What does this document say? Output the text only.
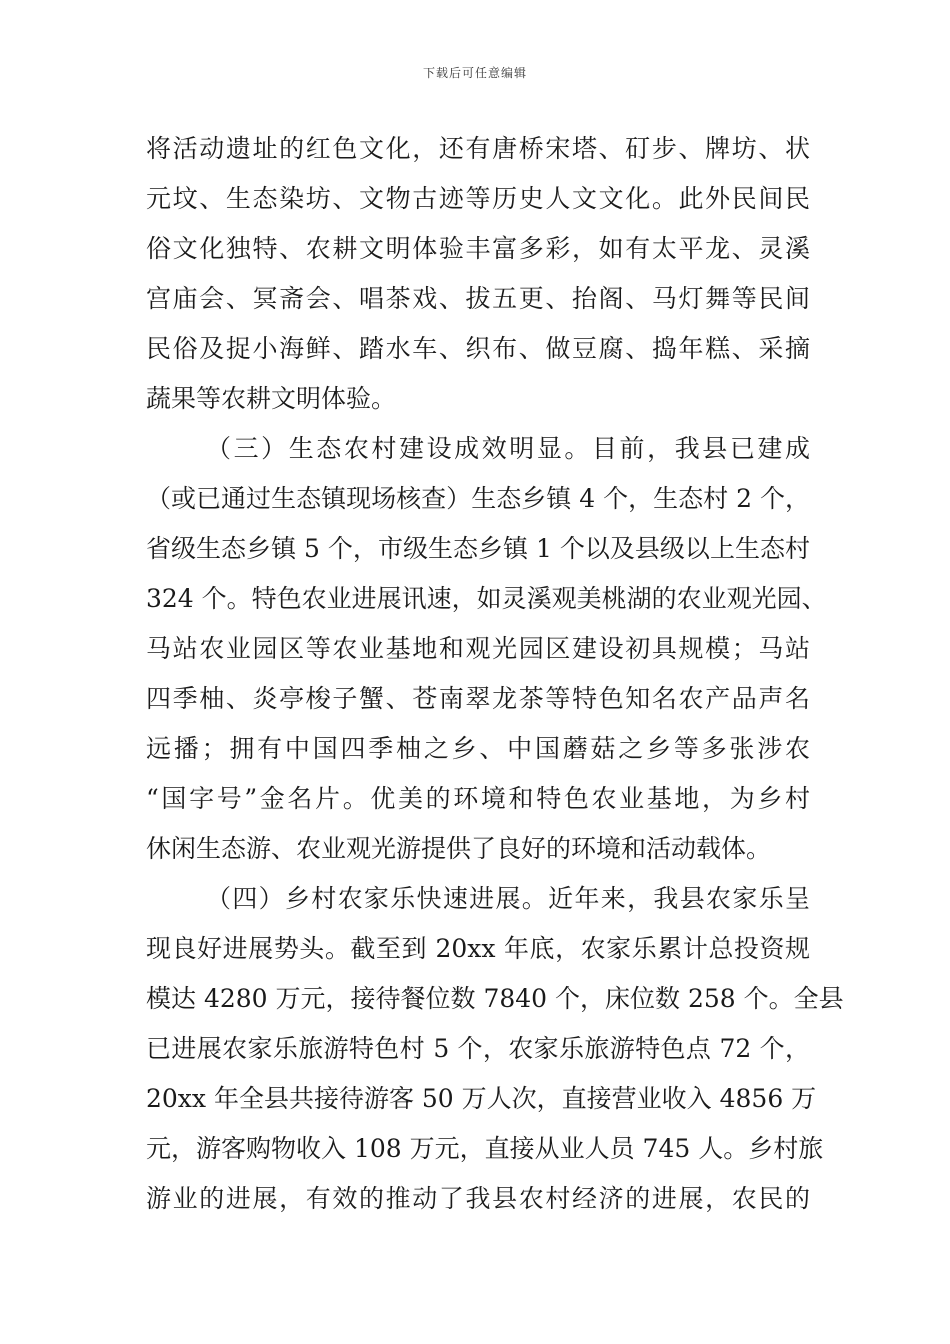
下载后可任意编辑
将活动遗址的红色文化，还有唐桥宋塔、矴步、牌坊、状
元坟、生态染坊、文物古迹等历史人文文化。此外民间民
俗文化独特、农耕文明体验丰富多彩，如有太平龙、灵溪
宫庙会、冥斋会、唱茶戏、拔五更、抬阁、马灯舞等民间
民俗及捉小海鲜、踏水车、织布、做豆腐、捣年糕、采摘
蔬果等农耕文明体验。
（三）生态农村建设成效明显。目前，我县已建成
（或已通过生态镇现场核查）生态乡镇 4 个，生态村 2 个，
省级生态乡镇 5 个，市级生态乡镇 1 个以及县级以上生态村
324 个。特色农业进展讯速，如灵溪观美桃湖的农业观光园、
马站农业园区等农业基地和观光园区建设初具规模；马站
四季柚、炎亭梭子蟹、苍南翠龙茶等特色知名农产品声名
远播；拥有中国四季柚之乡、中国蘑菇之乡等多张涉农
“国字号”金名片。优美的环境和特色农业基地，为乡村
休闲生态游、农业观光游提供了良好的环境和活动载体。
（四）乡村农家乐快速进展。近年来，我县农家乐呈
现良好进展势头。截至到 20xx 年底，农家乐累计总投资规
模达 4280 万元，接待餐位数 7840 个，床位数 258 个。全县
已进展农家乐旅游特色村 5 个，农家乐旅游特色点 72 个，
20xx 年全县共接待游客 50 万人次，直接营业收入 4856 万
元，游客购物收入 108 万元，直接从业人员 745 人。乡村旅
游业的进展，有效的推动了我县农村经济的进展，农民的
